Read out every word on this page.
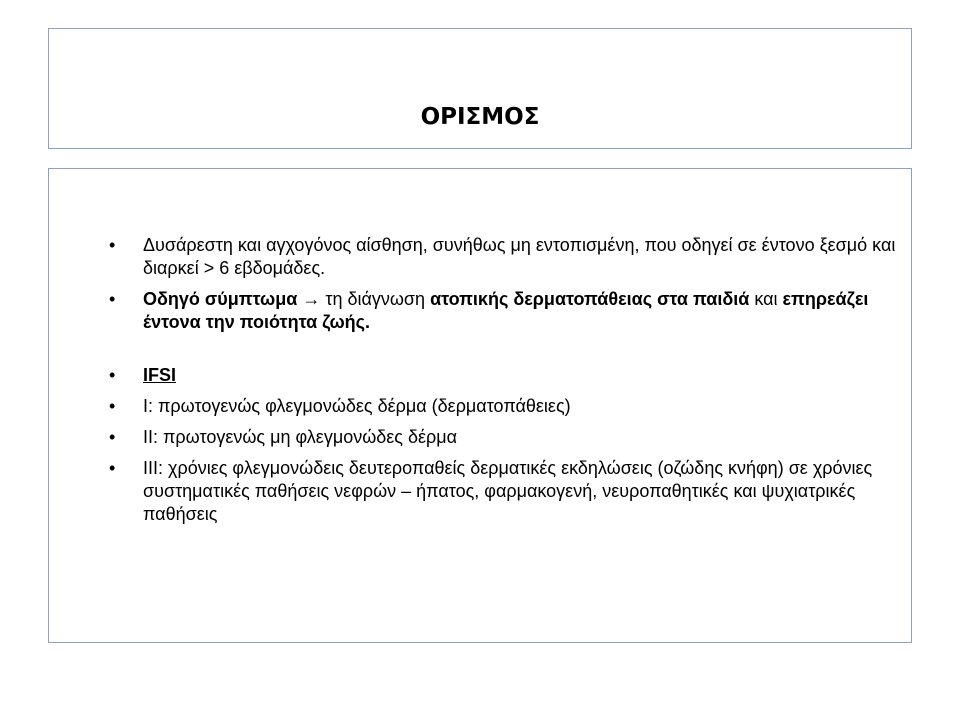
ΟΡΙΣΜΟΣ
• Δυσάρεστη και αγχογόνος αίσθηση, συνήθως μη εντοπισμένη, που οδηγεί σε έντονο ξεσμό και διαρκεί > 6 εβδομάδες.
• Οδηγό σύμπτωμα → τη διάγνωση ατοπικής δερματοπάθειας στα παιδιά και επηρεάζει έντονα την ποιότητα ζωής.
• IFSI
• I: πρωτογενώς φλεγμονώδες δέρμα (δερματοπάθειες)
• II: πρωτογενώς μη φλεγμονώδες δέρμα
• III: χρόνιες φλεγμονώδεις δευτεροπαθείς δερματικές εκδηλώσεις (οζώδης κνήφη) σε χρόνιες συστηματικές παθήσεις νεφρών – ήπατος, φαρμακογενή, νευροπαθητικές και ψυχιατρικές παθήσεις
